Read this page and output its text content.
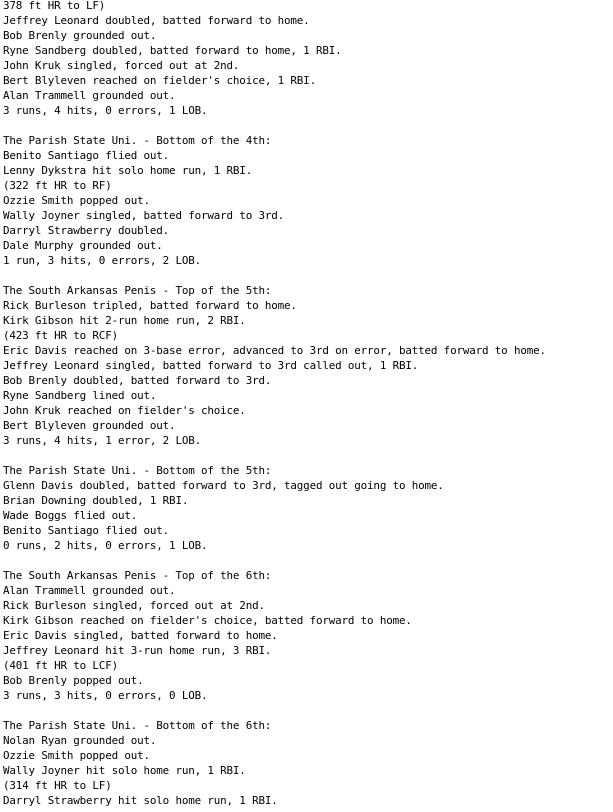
378 ft HR to LF)
Jeffrey Leonard doubled, batted forward to home.
Bob Brenly grounded out.
Ryne Sandberg doubled, batted forward to home, 1 RBI.
John Kruk singled, forced out at 2nd.
Bert Blyleven reached on fielder's choice, 1 RBI.
Alan Trammell grounded out.
3 runs, 4 hits, 0 errors, 1 LOB.
The Parish State Uni. - Bottom of the 4th:
Benito Santiago flied out.
Lenny Dykstra hit solo home run, 1 RBI.
(322 ft HR to RF)
Ozzie Smith popped out.
Wally Joyner singled, batted forward to 3rd.
Darryl Strawberry doubled.
Dale Murphy grounded out.
1 run, 3 hits, 0 errors, 2 LOB.
The South Arkansas Penis - Top of the 5th:
Rick Burleson tripled, batted forward to home.
Kirk Gibson hit 2-run home run, 2 RBI.
(423 ft HR to RCF)
Eric Davis reached on 3-base error, advanced to 3rd on error, batted forward to home.
Jeffrey Leonard singled, batted forward to 3rd called out, 1 RBI.
Bob Brenly doubled, batted forward to 3rd.
Ryne Sandberg lined out.
John Kruk reached on fielder's choice.
Bert Blyleven grounded out.
3 runs, 4 hits, 1 error, 2 LOB.
The Parish State Uni. - Bottom of the 5th:
Glenn Davis doubled, batted forward to 3rd, tagged out going to home.
Brian Downing doubled, 1 RBI.
Wade Boggs flied out.
Benito Santiago flied out.
0 runs, 2 hits, 0 errors, 1 LOB.
The South Arkansas Penis - Top of the 6th:
Alan Trammell grounded out.
Rick Burleson singled, forced out at 2nd.
Kirk Gibson reached on fielder's choice, batted forward to home.
Eric Davis singled, batted forward to home.
Jeffrey Leonard hit 3-run home run, 3 RBI.
(401 ft HR to LCF)
Bob Brenly popped out.
3 runs, 3 hits, 0 errors, 0 LOB.
The Parish State Uni. - Bottom of the 6th:
Nolan Ryan grounded out.
Ozzie Smith popped out.
Wally Joyner hit solo home run, 1 RBI.
(314 ft HR to LF)
Darryl Strawberry hit solo home run, 1 RBI.
